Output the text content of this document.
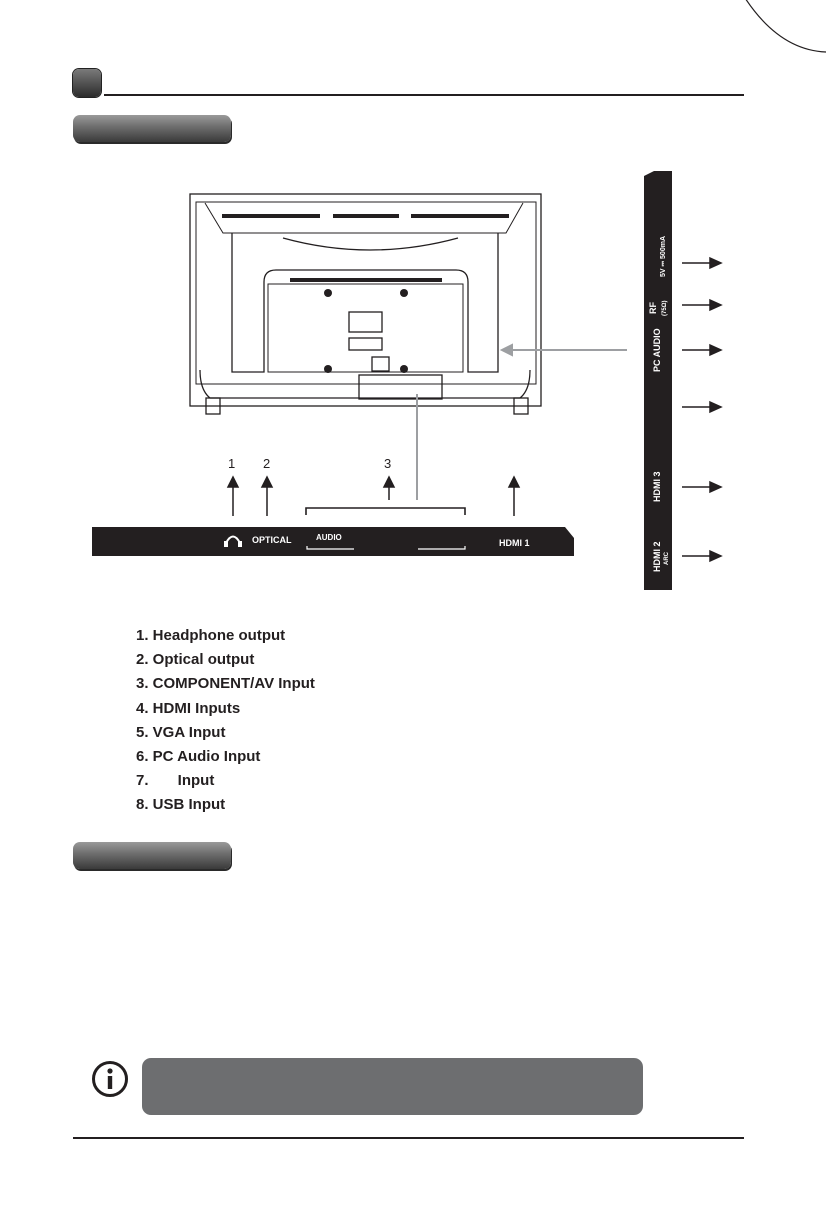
OPTICAL	AUDIO
HDMI 1
1 2	3
5V ⎓ 500mA
RF (75Ω)
PC AUDIO
HDMI 3
HDMI 2 ARC
1. Headphone output
2. Optical output
3. COMPONENT/AV Input
4. HDMI Inputs
5. VGA Input
6. PC Audio Input
7.       Input
8. USB Input
